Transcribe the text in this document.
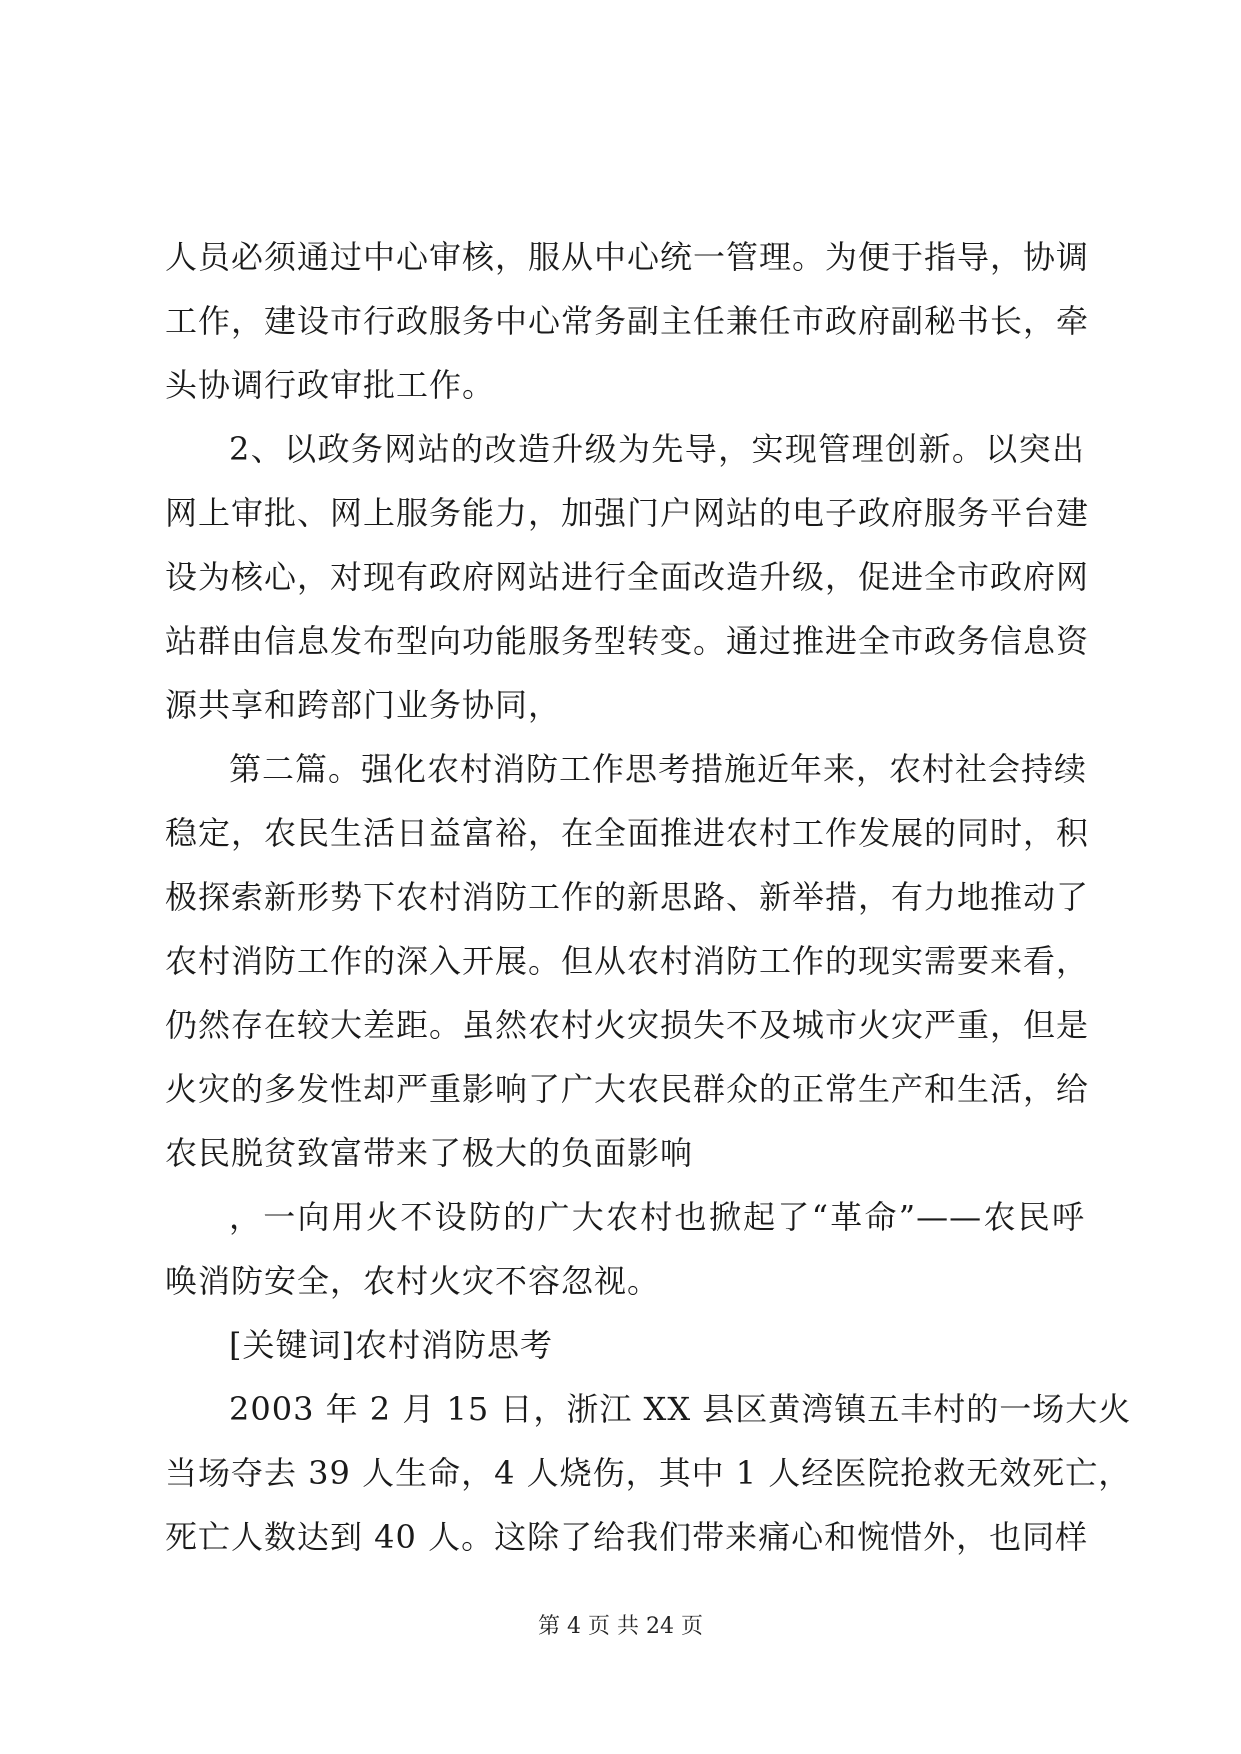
人员必须通过中心审核，服从中心统一管理。为便于指导，协调
工作，建设市行政服务中心常务副主任兼任市政府副秘书长，牵
头协调行政审批工作。
2、以政务网站的改造升级为先导，实现管理创新。以突出
网上审批、网上服务能力，加强门户网站的电子政府服务平台建
设为核心，对现有政府网站进行全面改造升级，促进全市政府网
站群由信息发布型向功能服务型转变。通过推进全市政务信息资
源共享和跨部门业务协同，
第二篇。强化农村消防工作思考措施近年来，农村社会持续
稳定，农民生活日益富裕，在全面推进农村工作发展的同时，积
极探索新形势下农村消防工作的新思路、新举措，有力地推动了
农村消防工作的深入开展。但从农村消防工作的现实需要来看，
仍然存在较大差距。虽然农村火灾损失不及城市火灾严重，但是
火灾的多发性却严重影响了广大农民群众的正常生产和生活，给
农民脱贫致富带来了极大的负面影响
，一向用火不设防的广大农村也掀起了“革命”——农民呼
唤消防安全，农村火灾不容忽视。
[关键词]农村消防思考
2003 年 2 月 15 日，浙江 XX 县区黄湾镇五丰村的一场大火
当场夺去 39 人生命，4 人烧伤，其中 1 人经医院抢救无效死亡，
死亡人数达到 40 人。这除了给我们带来痛心和惋惜外，也同样
第 4 页 共 24 页
